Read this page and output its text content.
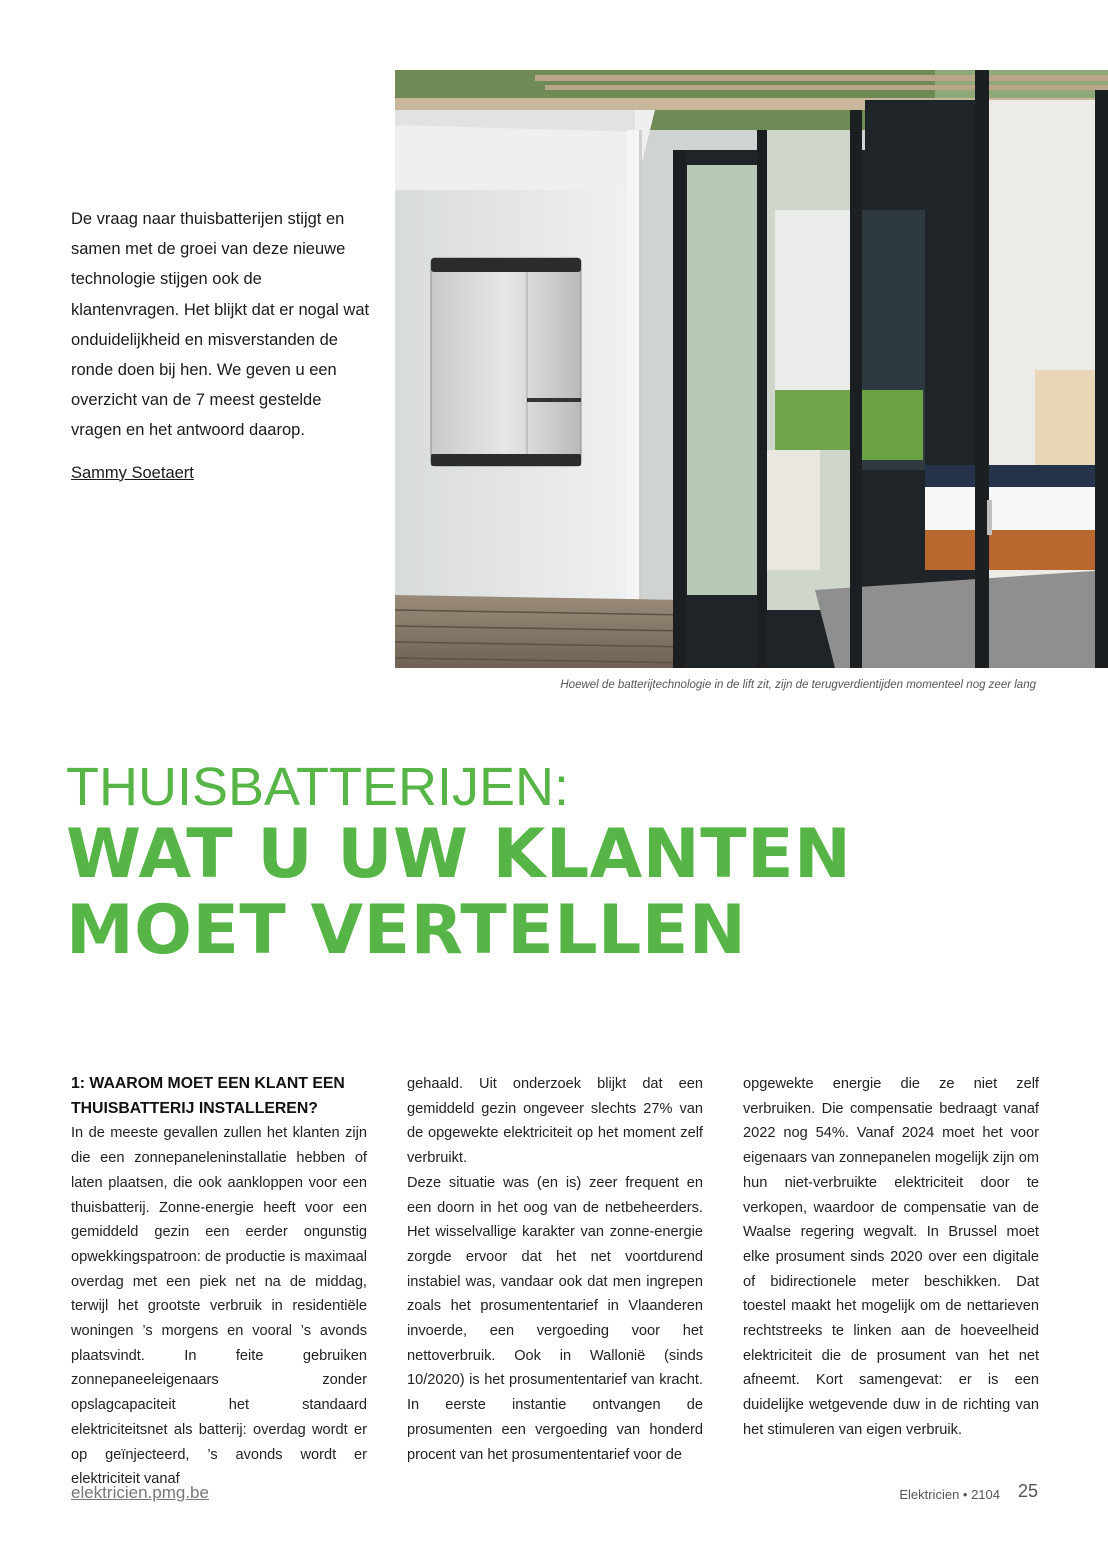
De vraag naar thuisbatterijen stijgt en samen met de groei van deze nieuwe technologie stijgen ook de klantenvragen. Het blijkt dat er nogal wat onduidelijkheid en misverstanden de ronde doen bij hen. We geven u een overzicht van de 7 meest gestelde vragen en het antwoord daarop.

Sammy Soetaert
Hoewel de batterijtechnologie in de lift zit, zijn de terugverdientijden momenteel nog zeer lang
THUISBATTERIJEN:
WAT U UW KLANTEN
MOET VERTELLEN

1: WAAROM MOET EEN KLANT EEN THUISBATTERIJ INSTALLEREN?

In de meeste gevallen zullen het klanten zijn die een zonnepaneleninstallatie hebben of laten plaatsen, die ook aankloppen voor een thuisbatterij. Zonne-energie heeft voor een gemiddeld gezin een eerder ongunstig opwekkingspatroon: de productie is maximaal overdag met een piek net na de middag, terwijl het grootste verbruik in residentiële woningen ’s morgens en vooral ’s avonds plaatsvindt. In feite gebruiken zonnepaneeleigenaars zonder opslagcapaciteit het standaard elektriciteitsnet als batterij: overdag wordt er op geïnjecteerd, ’s avonds wordt er elektriciteit vanaf

gehaald. Uit onderzoek blijkt dat een gemiddeld gezin ongeveer slechts 27% van de opgewekte elektriciteit op het moment zelf verbruikt.

Deze situatie was (en is) zeer frequent en een doorn in het oog van de netbeheerders. Het wisselvallige karakter van zonne-energie zorgde ervoor dat het net voortdurend instabiel was, vandaar ook dat men ingrepen zoals het prosumententarief in Vlaanderen invoerde, een vergoeding voor het nettoverbruik. Ook in Wallonië (sinds 10/2020) is het prosumententarief van kracht. In eerste instantie ontvangen de prosumenten een vergoeding van honderd procent van het prosumententarief voor de

opgewekte energie die ze niet zelf verbruiken. Die compensatie bedraagt vanaf 2022 nog 54%. Vanaf 2024 moet het voor eigenaars van zonnepanelen mogelijk zijn om hun niet-verbruikte elektriciteit door te verkopen, waardoor de compensatie van de Waalse regering wegvalt. In Brussel moet elke prosument sinds 2020 over een digitale of bidirectionele meter beschikken. Dat toestel maakt het mogelijk om de nettarieven rechtstreeks te linken aan de hoeveelheid elektriciteit die de prosument van het net afneemt. Kort samengevat: er is een duidelijke wetgevende duw in de richting van het stimuleren van eigen verbruik.

elektricien.pmg.be	Elektricien • 2104 25
